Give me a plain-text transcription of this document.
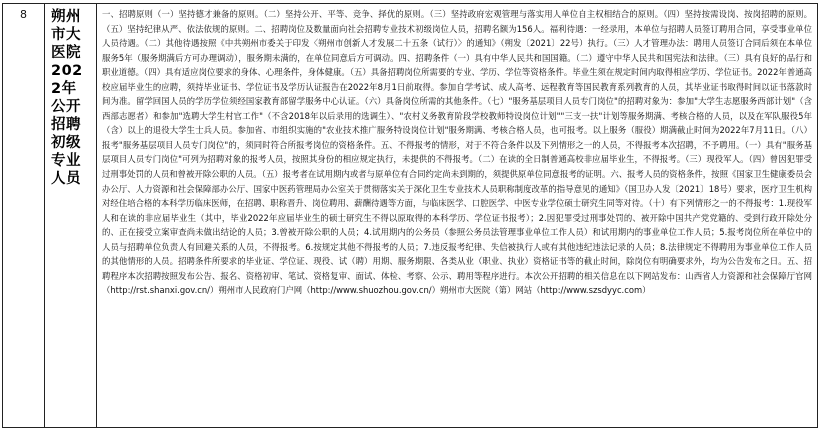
8	朔州市大医院2022年公开招聘初级专业人员
一、招聘原则（一）坚持德才兼备的原则。（二）坚持公开、平等、竞争、择优的原则。（三）坚持政府宏观管理与落实用人单位自主权相结合的原则。（四）坚持按需设岗、按岗招聘的原则。（五）坚持纪律从严、依法依规的原则。二、招聘岗位及数量面向社会招聘专业技术初级岗位人员，招聘名额为156人。福利待遇：一经录用，本单位与招聘人员签订聘用合同，享受事业单位人员待遇。（二）其他待遇按照《中共朔州市委关于印发〈朔州市创新人才发展二十五条（试行）〉的通知》（朔发〔2021〕22号）执行。（三）人才管理办法：聘用人员签订合同后须在本单位服务5年（服务期满后方可办理调动），服务期未满的，在单位同意后方可调动。四、招聘条件（一）具有中华人民共和国国籍。（二）遵守中华人民共和国宪法和法律。（三）具有良好的品行和职业道德。（四）具有适应岗位要求的身体、心理条件，身体健康。（五）具备招聘岗位所需要的专业、学历、学位等资格条件。毕业生须在规定时间内取得相应学历、学位证书。2022年普通高校应届毕业生的应聘，须持毕业证书、学位证书及学历认证报告在2022年8月1日前取得。参加自学考试、成人高考、远程教育等国民教育系列教育的人员，其毕业证书取得时间以证书落款时间为准。留学回国人员的学历学位须经国家教育部留学服务中心认证。（六）具备岗位所需的其他条件。（七）"服务基层项目人员专门岗位"的招聘对象为：参加"大学生志愿服务西部计划"（含西部志愿者）和参加"选聘大学生村官工作"（不含2018年以后录用的选调生）、"农村义务教育阶段学校教师特设岗位计划""三支一扶"计划等服务期满、考核合格的人员，以及在军队服役5年（含）以上的退役大学生士兵人员。参加省、市组织实施的"农业技术推广服务特设岗位计划"服务期满、考核合格人员，也可报考。以上服务（服役）期满截止时间为2022年7月11日。（八）报考"服务基层项目人员专门岗位"的，须同时符合所报考岗位的资格条件。五、不得报考的情形，对于不符合条件以及下列情形之一的人员，不得报考本次招聘，不予聘用。（一）具有"服务基层项目人员专门岗位"可列为招聘对象的报考人员，按照其身份的相应规定执行，未提供的不得报考。（二）在读的全日制普通高校非应届毕业生，不得报考。（三）现役军人。（四）曾因犯罪受过刑事处罚的人员和曾被开除公职的人员。（五）报考者在试用期内或者与原单位有合同约定尚未到期的，须提供原单位同意报考的证明。六、报考人员的资格条件，按照《国家卫生健康委员会办公厅、人力资源和社会保障部办公厅、国家中医药管理局办公室关于贯彻落实关于深化卫生专业技术人员职称制度改革的指导意见的通知》（国卫办人发〔2021〕18号）要求，医疗卫生机构对经住培合格的本科学历临床医师，在招聘、职称晋升、岗位聘用、薪酬待遇等方面，与临床医学、口腔医学、中医专业学位硕士研究生同等对待。（十）有下列情形之一的不得报考：1.现役军人和在读的非应届毕业生（其中，毕业2022年应届毕业生的硕士研究生不得以原取得的本科学历、学位证书报考）；2.因犯罪受过刑事处罚的、被开除中国共产党党籍的、受到行政开除处分的、正在接受立案审查尚未做出结论的人员；3.曾被开除公职的人员；4.试用期内的公务员（参照公务员法管理事业单位工作人员）和试用期内的事业单位工作人员；5.报考岗位所在单位中的人员与招聘单位负责人有回避关系的人员，不得报考。6.按规定其他不得报考的人员；7.违反报考纪律、失信被执行人或有其他违纪违法记录的人员；8.法律规定不得聘用为事业单位工作人员的其他情形的人员。招聘条件所要求的毕业证、学位证、现役、试（聘）用期、服务期限、各类从业（职业、执业）资格证书等的截止时间，除岗位有明确要求外，均为公告发布之日。五、招聘程序本次招聘按照发布公告、报名、资格初审、笔试、资格复审、面试、体检、考察、公示、聘用等程序进行。本次公开招聘的相关信息在以下网站发布：山西省人力资源和社会保障厅官网（http://rst.shanxi.gov.cn/）朔州市人民政府门户网（http://www.shuozhou.gov.cn/）朔州市大医院（第）网站（http://www.szsdyyc.com）
